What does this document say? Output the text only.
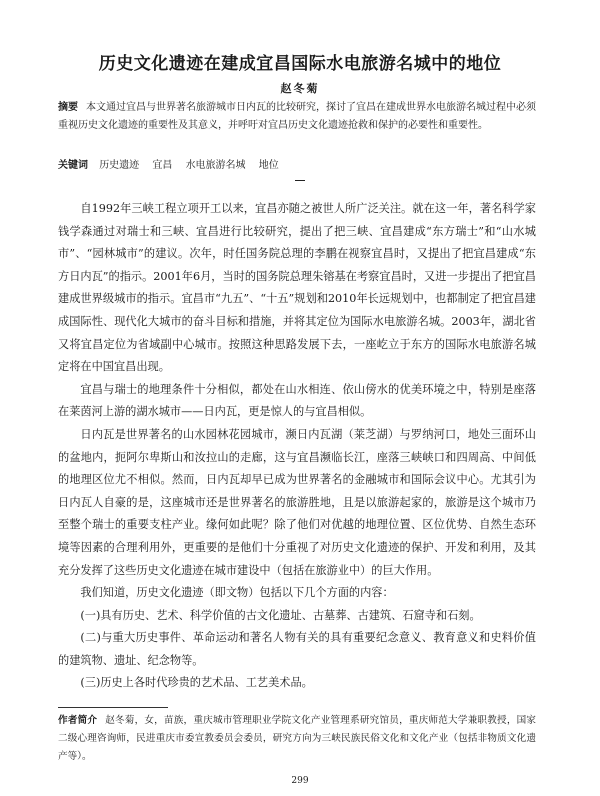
历史文化遗迹在建成宜昌国际水电旅游名城中的地位
赵冬菊
摘要 本文通过宜昌与世界著名旅游城市日内瓦的比较研究，探讨了宜昌在建成世界水电旅游名城过程中必须重视历史文化遗迹的重要性及其意义，并呼吁对宜昌历史文化遗迹抢救和保护的必要性和重要性。
关键词 历史遗迹 宜昌 水电旅游名城 地位

自1992年三峡工程立项开工以来，宜昌亦随之被世人所广泛关注。就在这一年，著名科学家钱学森通过对瑞士和三峡、宜昌进行比较研究，提出了把三峡、宜昌建成“东方瑞士”和“山水城市”、“园林城市”的建议。次年，时任国务院总理的李鹏在视察宜昌时，又提出了把宜昌建成“东方日内瓦”的指示。2001年6月，当时的国务院总理朱镕基在考察宜昌时，又进一步提出了把宜昌建成世界级城市的指示。宜昌市“九五”、“十五”规划和2010年长远规划中，也都制定了把宜昌建成国际性、现代化大城市的奋斗目标和措施，并将其定位为国际水电旅游名城。2003年，湖北省又将宜昌定位为省域副中心城市。按照这种思路发展下去，一座屹立于东方的国际水电旅游名城定将在中国宜昌出现。

宜昌与瑞士的地理条件十分相似，都处在山水相连、依山傍水的优美环境之中，特别是座落在莱茵河上游的湖水城市——日内瓦，更是惊人的与宜昌相似。

日内瓦是世界著名的山水园林花园城市，濒日内瓦湖（莱芝湖）与罗纳河口，地处三面环山的盆地内，扼阿尔卑斯山和汝拉山的走廊，这与宜昌濒临长江，座落三峡峡口和四周高、中间低的地理区位尤不相似。然而，日内瓦却早已成为世界著名的金融城市和国际会议中心。尤其引为日内瓦人自豪的是，这座城市还是世界著名的旅游胜地，且是以旅游起家的，旅游是这个城市乃至整个瑞士的重要支柱产业。缘何如此呢？除了他们对优越的地理位置、区位优势、自然生态环境等因素的合理利用外，更重要的是他们十分重视了对历史文化遗迹的保护、开发和利用，及其充分发挥了这些历史文化遗迹在城市建设中（包括在旅游业中）的巨大作用。

我们知道，历史文化遗迹（即文物）包括以下几个方面的内容：

(一)具有历史、艺术、科学价值的古文化遗址、古墓葬、古建筑、石窟寺和石刻。

(二)与重大历史事件、革命运动和著名人物有关的具有重要纪念意义、教育意义和史料价值的建筑物、遗址、纪念物等。

(三)历史上各时代珍贵的艺术品、工艺美术品。

作者简介 赵冬菊，女，苗族，重庆城市管理职业学院文化产业管理系研究馆员，重庆师范大学兼职教授，国家二级心理咨询师，民进重庆市委宣教委员会委员，研究方向为三峡民族民俗文化和文化产业（包括非物质文化遗产等）。
299
